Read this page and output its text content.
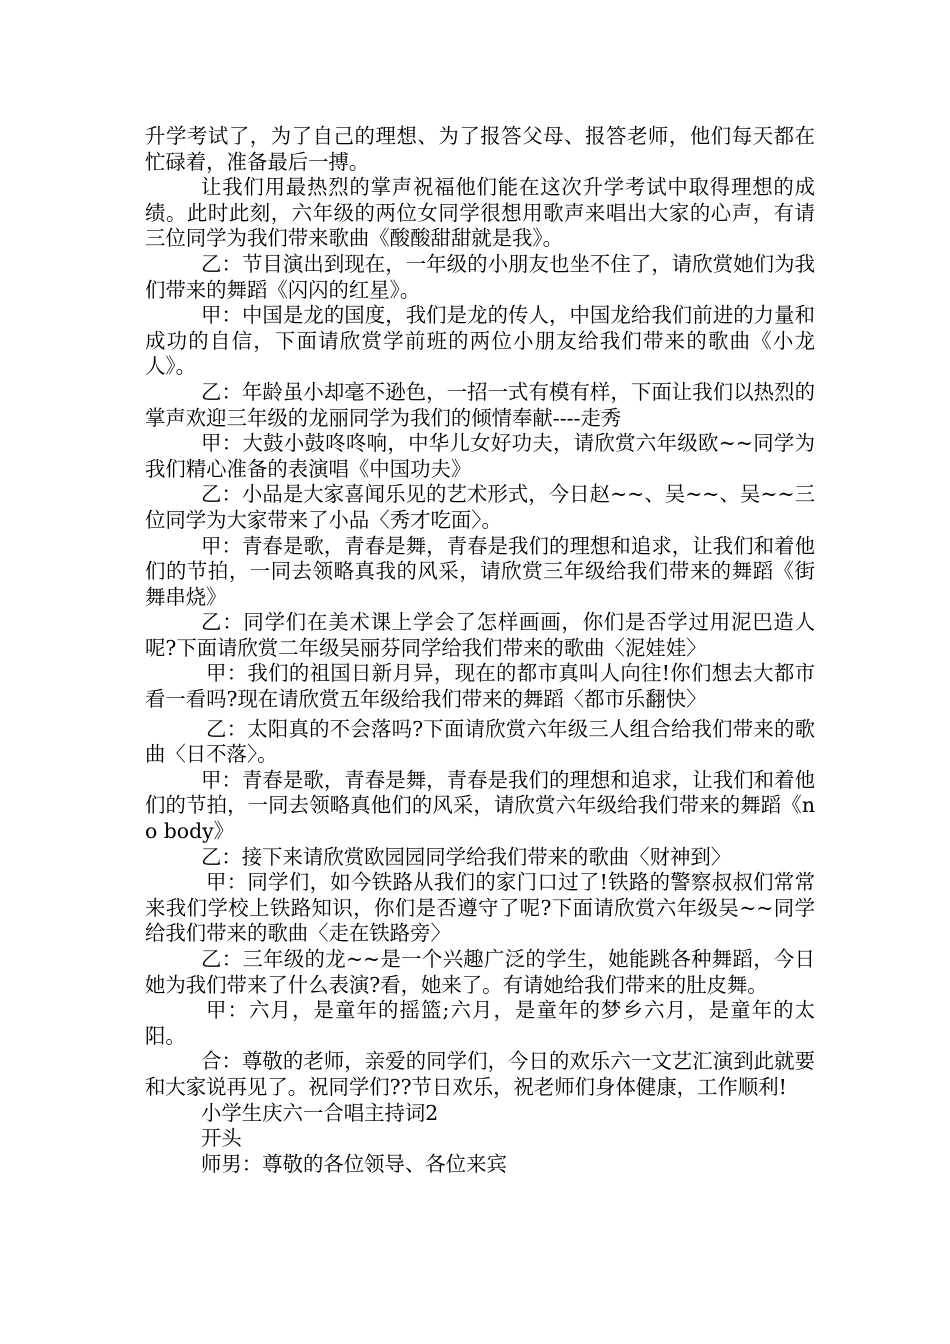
升学考试了，为了自己的理想、为了报答父母、报答老师，他们每天都在忙碌着，准备最后一搏。

让我们用最热烈的掌声祝福他们能在这次升学考试中取得理想的成绩。此时此刻，六年级的两位女同学很想用歌声来唱出大家的心声，有请三位同学为我们带来歌曲《酸酸甜甜就是我》。

乙：节目演出到现在，一年级的小朋友也坐不住了，请欣赏她们为我们带来的舞蹈《闪闪的红星》。

甲：中国是龙的国度，我们是龙的传人，中国龙给我们前进的力量和成功的自信，下面请欣赏学前班的两位小朋友给我们带来的歌曲《小龙人》。

乙：年龄虽小却毫不逊色，一招一式有模有样，下面让我们以热烈的掌声欢迎三年级的龙丽同学为我们的倾情奉献----走秀

甲：大鼓小鼓咚咚响，中华儿女好功夫，请欣赏六年级欧~~同学为我们精心准备的表演唱《中国功夫》

乙：小品是大家喜闻乐见的艺术形式，今日赵~~、吴~~、吴~~三位同学为大家带来了小品〈秀才吃面〉。

甲：青春是歌，青春是舞，青春是我们的理想和追求，让我们和着他们的节拍，一同去领略真我的风采，请欣赏三年级给我们带来的舞蹈《街舞串烧》

乙：同学们在美术课上学会了怎样画画，你们是否学过用泥巴造人呢?下面请欣赏二年级吴丽芬同学给我们带来的歌曲〈泥娃娃〉

甲：我们的祖国日新月异，现在的都市真叫人向往!你们想去大都市看一看吗?现在请欣赏五年级给我们带来的舞蹈〈都市乐翻快〉

乙：太阳真的不会落吗?下面请欣赏六年级三人组合给我们带来的歌曲〈日不落〉。

甲：青春是歌，青春是舞，青春是我们的理想和追求，让我们和着他们的节拍，一同去领略真他们的风采，请欣赏六年级给我们带来的舞蹈《no body》

乙：接下来请欣赏欧园园同学给我们带来的歌曲〈财神到〉

甲：同学们，如今铁路从我们的家门口过了!铁路的警察叔叔们常常来我们学校上铁路知识，你们是否遵守了呢?下面请欣赏六年级吴~~同学给我们带来的歌曲〈走在铁路旁〉

乙：三年级的龙~~是一个兴趣广泛的学生，她能跳各种舞蹈，今日她为我们带来了什么表演?看，她来了。有请她给我们带来的肚皮舞。

甲：六月，是童年的摇篮;六月，是童年的梦乡六月，是童年的太阳。

合：尊敬的老师，亲爱的同学们，今日的欢乐六一文艺汇演到此就要和大家说再见了。祝同学们??节日欢乐，祝老师们身体健康，工作顺利!

小学生庆六一合唱主持词2

开头

师男：尊敬的各位领导、各位来宾
